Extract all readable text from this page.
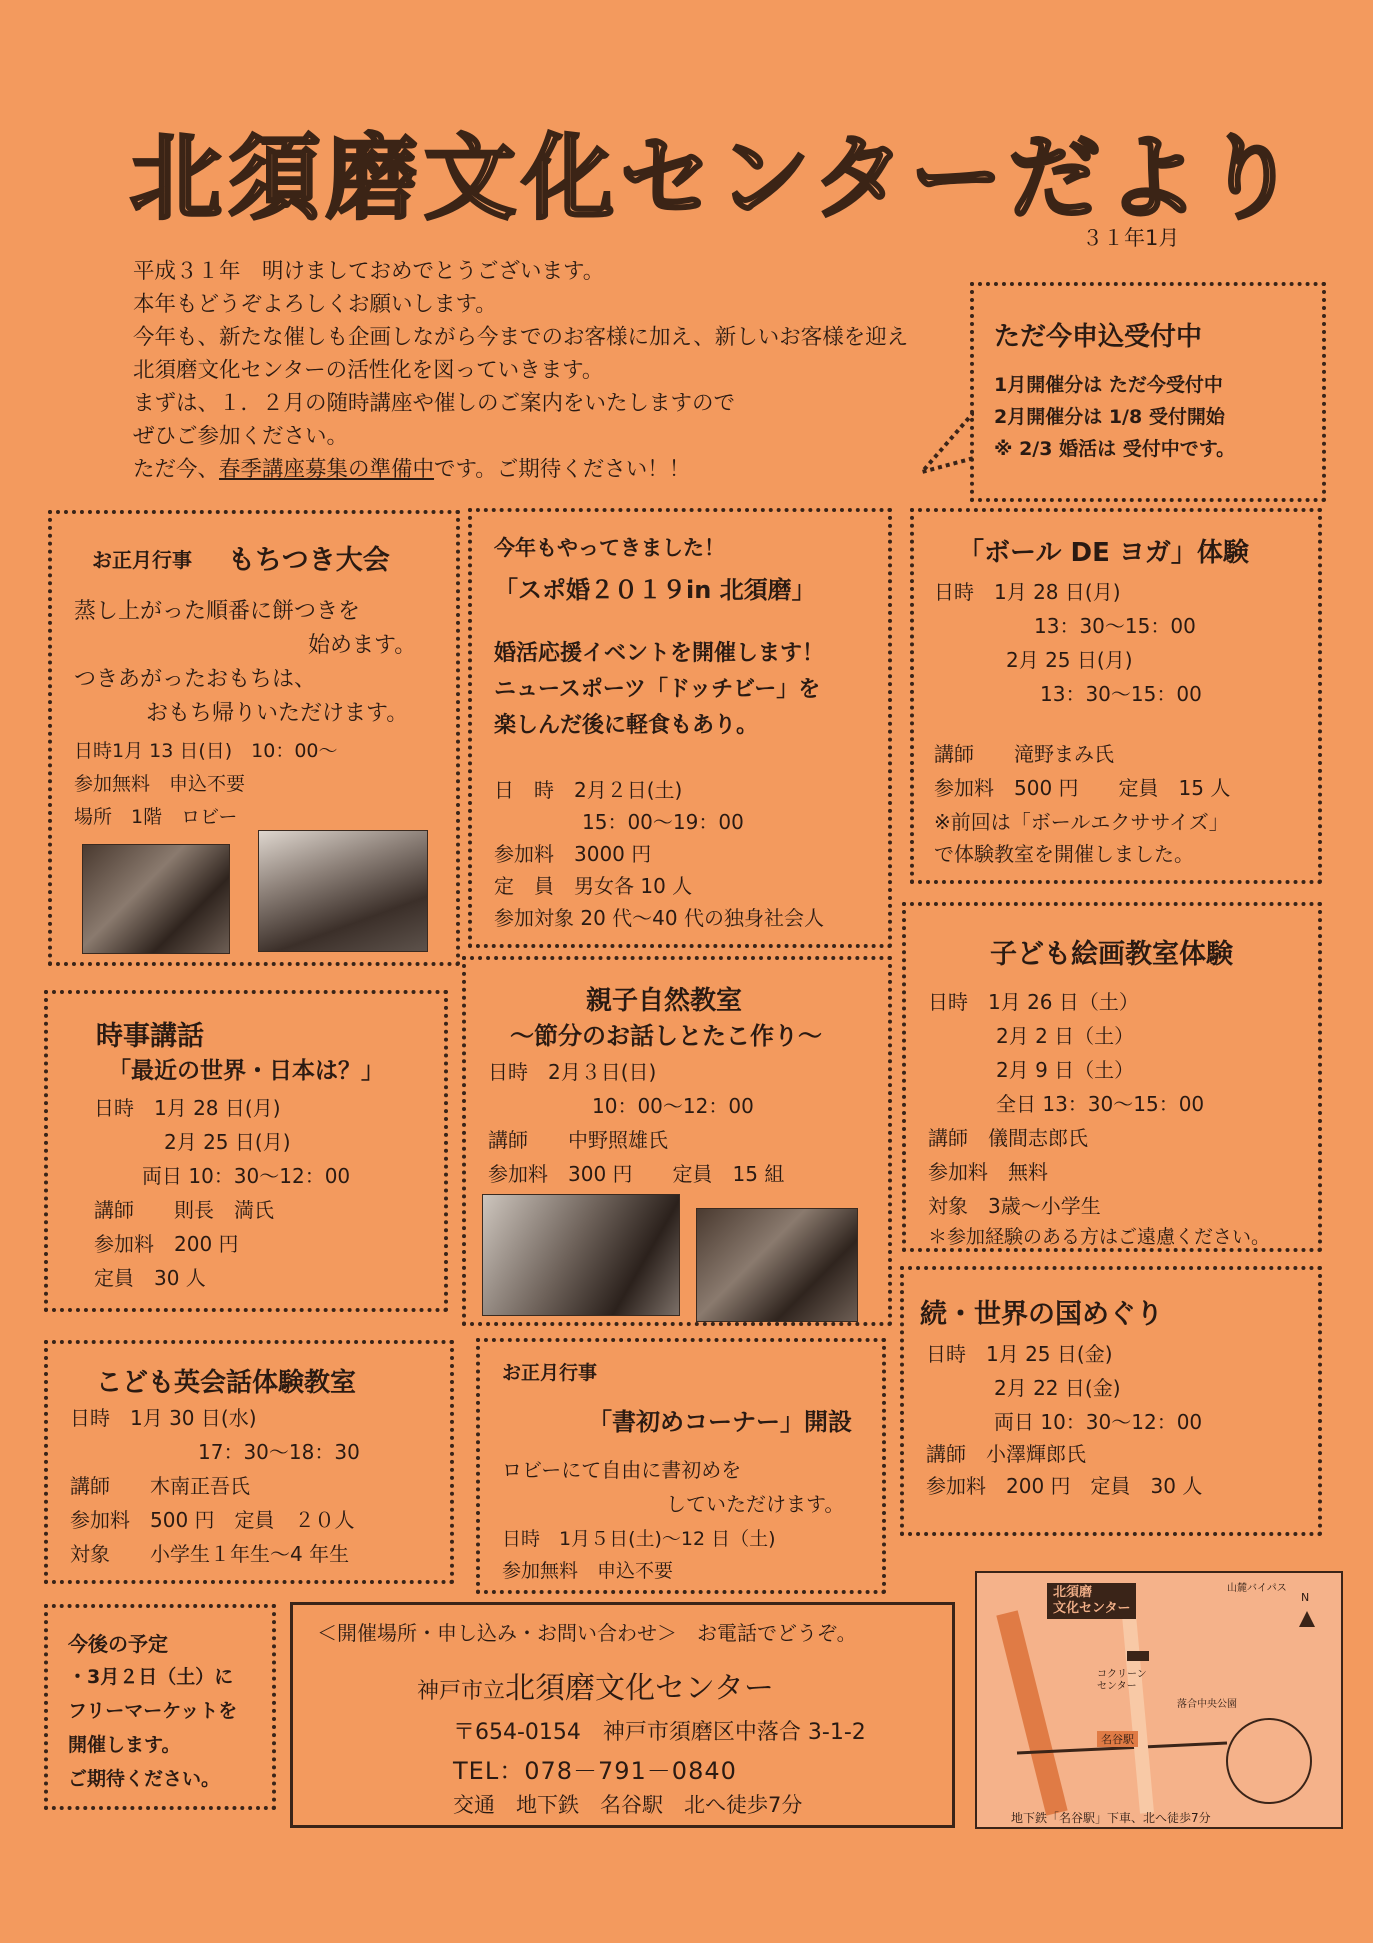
北須磨文化センターだより
３１年1月
平成３１年　明けましておめでとうございます。
本年もどうぞよろしくお願いします。
今年も、新たな催しも企画しながら今までのお客様に加え、新しいお客様を迎え
北須磨文化センターの活性化を図っていきます。
まずは、１．２月の随時講座や催しのご案内をいたしますので
ぜひご参加ください。
ただ今、春季講座募集の準備中です。ご期待ください！！
ただ今申込受付中
1月開催分は ただ今受付中
2月開催分は 1/8 受付開始
※ 2/3 婚活は 受付中です。
お正月行事 もちつき大会
蒸し上がった順番に餅つきを
始めます。
つきあがったおもちは、
おもち帰りいただけます。
日時1月 13 日(日)　10：00～
参加無料　申込不要
場所　1階　ロビー
今年もやってきました！
「スポ婚２０１９in 北須磨」
婚活応援イベントを開催します！
ニュースポーツ「ドッチビー」を
楽しんだ後に軽食もあり。
日　時　2月２日(土)
15：00～19：00
参加料　3000 円
定　員　男女各 10 人
参加対象 20 代～40 代の独身社会人
「ボール DE ヨガ」体験
日時　1月 28 日(月)
13：30～15：00
2月 25 日(月)
13：30～15：00
講師　　滝野まみ氏
参加料　500 円　　定員　15 人
※前回は「ボールエクササイズ」
で体験教室を開催しました。
時事講話
「最近の世界・日本は？」
日時　1月 28 日(月)
2月 25 日(月)
両日 10：30～12：00
講師　　則長　満氏
参加料　200 円
定員　30 人
親子自然教室
～節分のお話しとたこ作り～
日時　2月３日(日)
10：00～12：00
講師　　中野照雄氏
参加料　300 円　　定員　15 組
子ども絵画教室体験
日時　1月 26 日（土）
2月 2 日（土）
2月 9 日（土）
全日 13：30～15：00
講師　儀間志郎氏
参加料　無料
対象　3歳～小学生
＊参加経験のある方はご遠慮ください。
こども英会話体験教室
日時　1月 30 日(水)
17：30～18：30
講師　　木南正吾氏
参加料　500 円　定員　２０人
対象　　小学生１年生～4 年生
お正月行事
「書初めコーナー」開設
ロビーにて自由に書初めを
していただけます。
日時　1月５日(土)～12 日（土)
参加無料　申込不要
続・世界の国めぐり
日時　1月 25 日(金)
2月 22 日(金)
両日 10：30～12：00
講師　小澤輝郎氏
参加料　200 円　定員　30 人
今後の予定
・3月２日（土）に
フリーマーケットを
開催します。
ご期待ください。
＜開催場所・申し込み・お問い合わせ＞　お電話でどうぞ。
神戸市立北須磨文化センター
〒654-0154　神戸市須磨区中落合 3-1-2
TEL：078－791－0840
交通　地下鉄　名谷駅　北へ徒歩7分
北須磨
文化センター
山麓バイパス
N
コクリーン
センター
落合中央公園
名谷駅
地下鉄「名谷駅」下車、北へ徒歩7分
